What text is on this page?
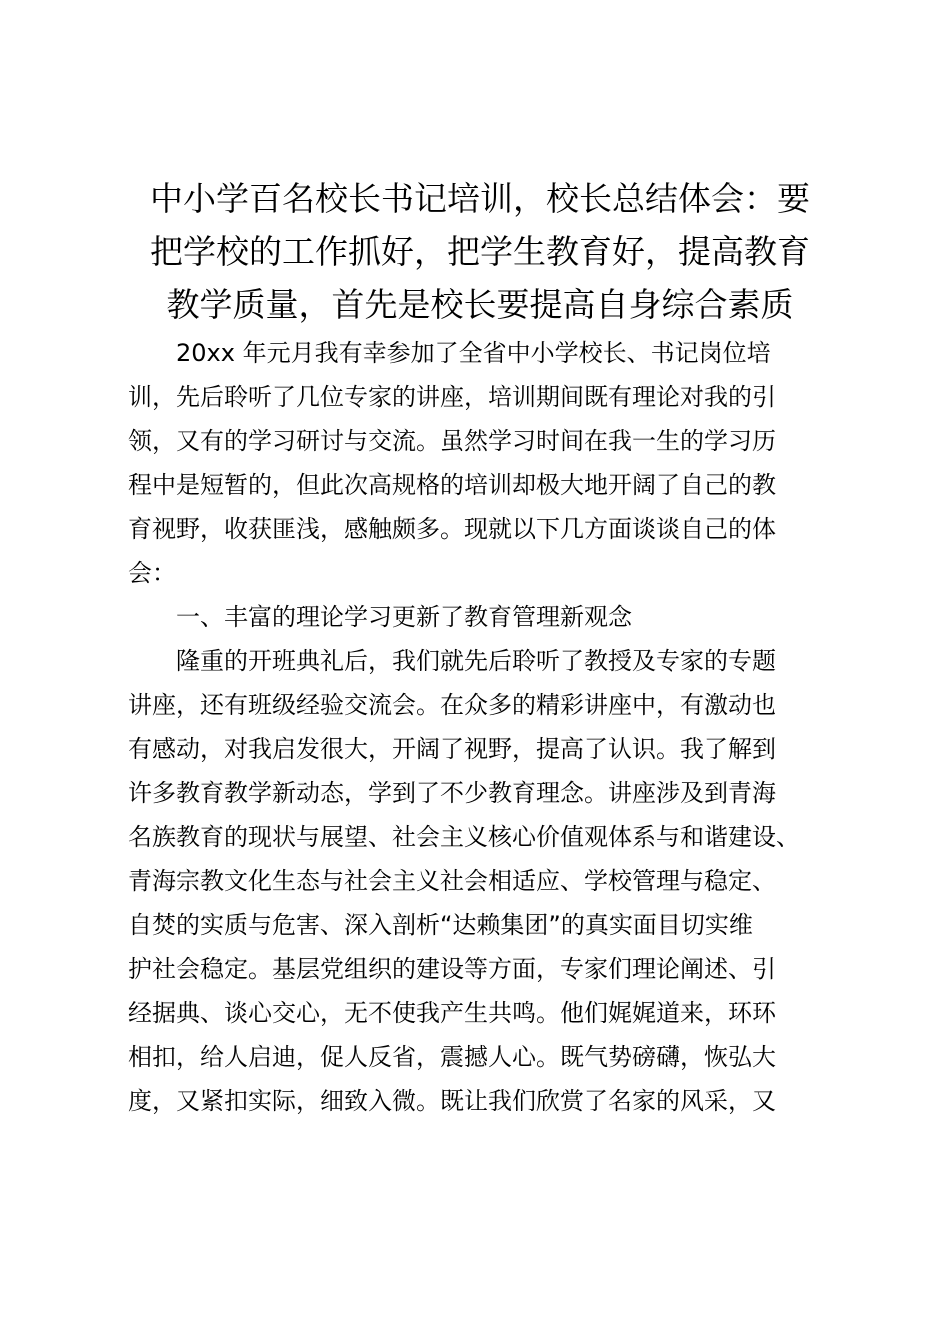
中小学百名校长书记培训，校长总结体会：要
把学校的工作抓好，把学生教育好，提高教育
教学质量，首先是校长要提高自身综合素质

　　20xx 年元月我有幸参加了全省中小学校长、书记岗位培
训，先后聆听了几位专家的讲座，培训期间既有理论对我的引
领，又有的学习研讨与交流。虽然学习时间在我一生的学习历
程中是短暂的，但此次高规格的培训却极大地开阔了自己的教
育视野，收获匪浅，感触颇多。现就以下几方面谈谈自己的体
会：

　　一、丰富的理论学习更新了教育管理新观念

　　隆重的开班典礼后，我们就先后聆听了教授及专家的专题
讲座，还有班级经验交流会。在众多的精彩讲座中，有激动也
有感动，对我启发很大，开阔了视野，提高了认识。我了解到
许多教育教学新动态，学到了不少教育理念。讲座涉及到青海
名族教育的现状与展望、社会主义核心价值观体系与和谐建设、
青海宗教文化生态与社会主义社会相适应、学校管理与稳定、
自焚的实质与危害、深入剖析“达赖集团”的真实面目切实维
护社会稳定。基层党组织的建设等方面，专家们理论阐述、引
经据典、谈心交心，无不使我产生共鸣。他们娓娓道来，环环
相扣，给人启迪，促人反省，震撼人心。既气势磅礴，恢弘大
度，又紧扣实际，细致入微。既让我们欣赏了名家的风采，又
